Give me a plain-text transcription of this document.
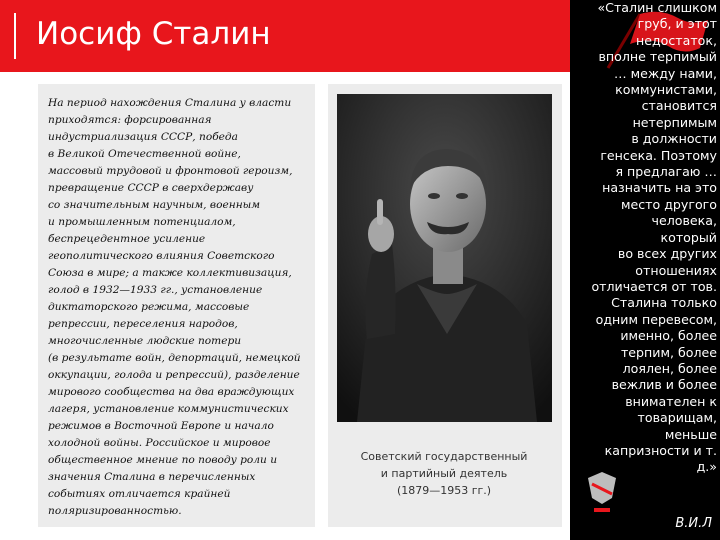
Иосиф Сталин
На период нахождения Сталина у власти
приходятся: форсированная
индустриализация СССР, победа
в Великой Отечественной войне,
массовый трудовой и фронтовой героизм,
превращение СССР в сверхдержаву
со значительным научным, военным
и промышленным потенциалом,
беспрецедентное усиление
геополитического влияния Советского
Союза в мире; а также коллективизация,
голод в 1932—1933 гг., установление
диктаторского режима, массовые
репрессии, переселения народов,
многочисленные людские потери
(в результате войн, депортаций, немецкой
оккупации, голода и репрессий), разделение
мирового сообщества на два враждующих
лагеря, установление коммунистических
режимов в Восточной Европе и начало
холодной войны. Российское и мировое
общественное мнение по поводу роли и
значения Сталина в перечисленных
событиях отличается крайней
поляризированностью.
Советский государственный
и партийный деятель
(1879—1953 гг.)
«Сталин слишком
груб, и этот
недостаток,
вполне терпимый
… между нами,
коммунистами,
становится
нетерпимым
в должности
генсека. Поэтому
я предлагаю …
назначить на это
место другого
человека,
который
во всех других
отношениях
отличается от тов.
Сталина только
одним перевесом,
именно, более
терпим, более
лоялен, более
вежлив и более
внимателен к
товарищам,
меньше
капризности и т.
д.»
В.И.Л
